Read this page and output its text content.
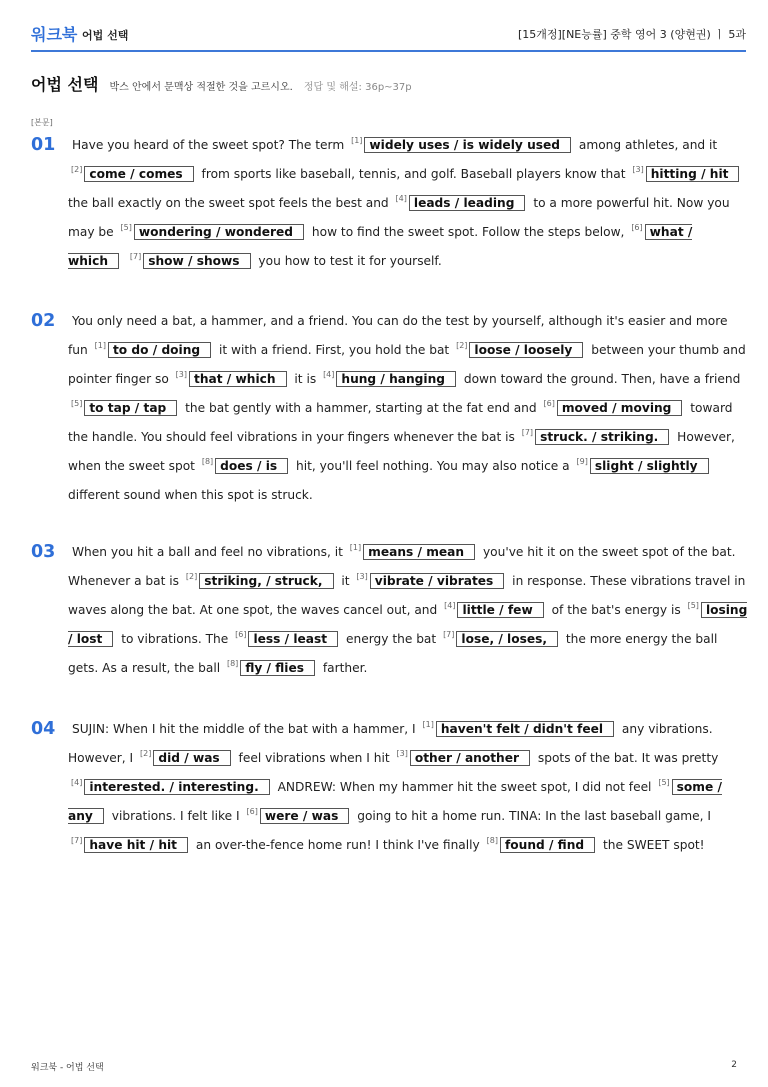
워크북 어법 선택	[15개정][NE능률] 중학 영어 3 (양현권) ㅣ 5과
어법 선택 박스 안에서 문맥상 적절한 것을 고르시오. 정답 및 해설: 36p~37p
[본문]
01	Have you heard of the sweet spot? The term [1] widely uses / is widely used among athletes, and it [2] come / comes from sports like baseball, tennis, and golf. Baseball players know that [3] hitting / hit the ball exactly on the sweet spot feels the best and [4] leads / leading to a more powerful hit. Now you may be [5] wondering / wondered how to find the sweet spot. Follow the steps below, [6] what / which	[7] show / shows you how to test it for yourself.

02	You only need a bat, a hammer, and a friend. You can do the test by yourself, although it's easier and more fun [1] to do / doing it with a friend. First, you hold the bat [2] loose / loosely between your thumb and pointer finger so [3] that / which it is [4] hung / hanging down toward the ground. Then, have a friend [5] to tap / tap the bat gently with a hammer, starting at the fat end and [6] moved / moving toward the handle. You should feel vibrations in your fingers whenever the bat is [7] struck. / striking. However, when the sweet spot [8] does / is hit, you'll feel nothing. You may also notice a [9] slight / slightly different sound when this spot is struck.

03	When you hit a ball and feel no vibrations, it [1] means / mean you've hit it on the sweet spot of the bat. Whenever a bat is [2] striking, / struck, it [3] vibrate / vibrates in response. These vibrations travel in waves along the bat. At one spot, the waves cancel out, and [4] little / few of the bat's energy is [5] losing / lost to vibrations. The [6] less / least energy the bat [7] lose, / loses, the more energy the ball gets. As a result, the ball [8] fly / flies farther.

04	SUJIN: When I hit the middle of the bat with a hammer, I [1] haven't felt / didn't feel any vibrations. However, I [2] did / was feel vibrations when I hit [3] other / another spots of the bat. It was pretty [4] interested. / interesting. ANDREW: When my hammer hit the sweet spot, I did not feel [5] some / any vibrations. I felt like I [6] were / was going to hit a home run. TINA: In the last baseball game, I [7] have hit / hit an over-the-fence home run! I think I've finally [8] found / find the SWEET spot!

워크북 - 어법 선택	2
